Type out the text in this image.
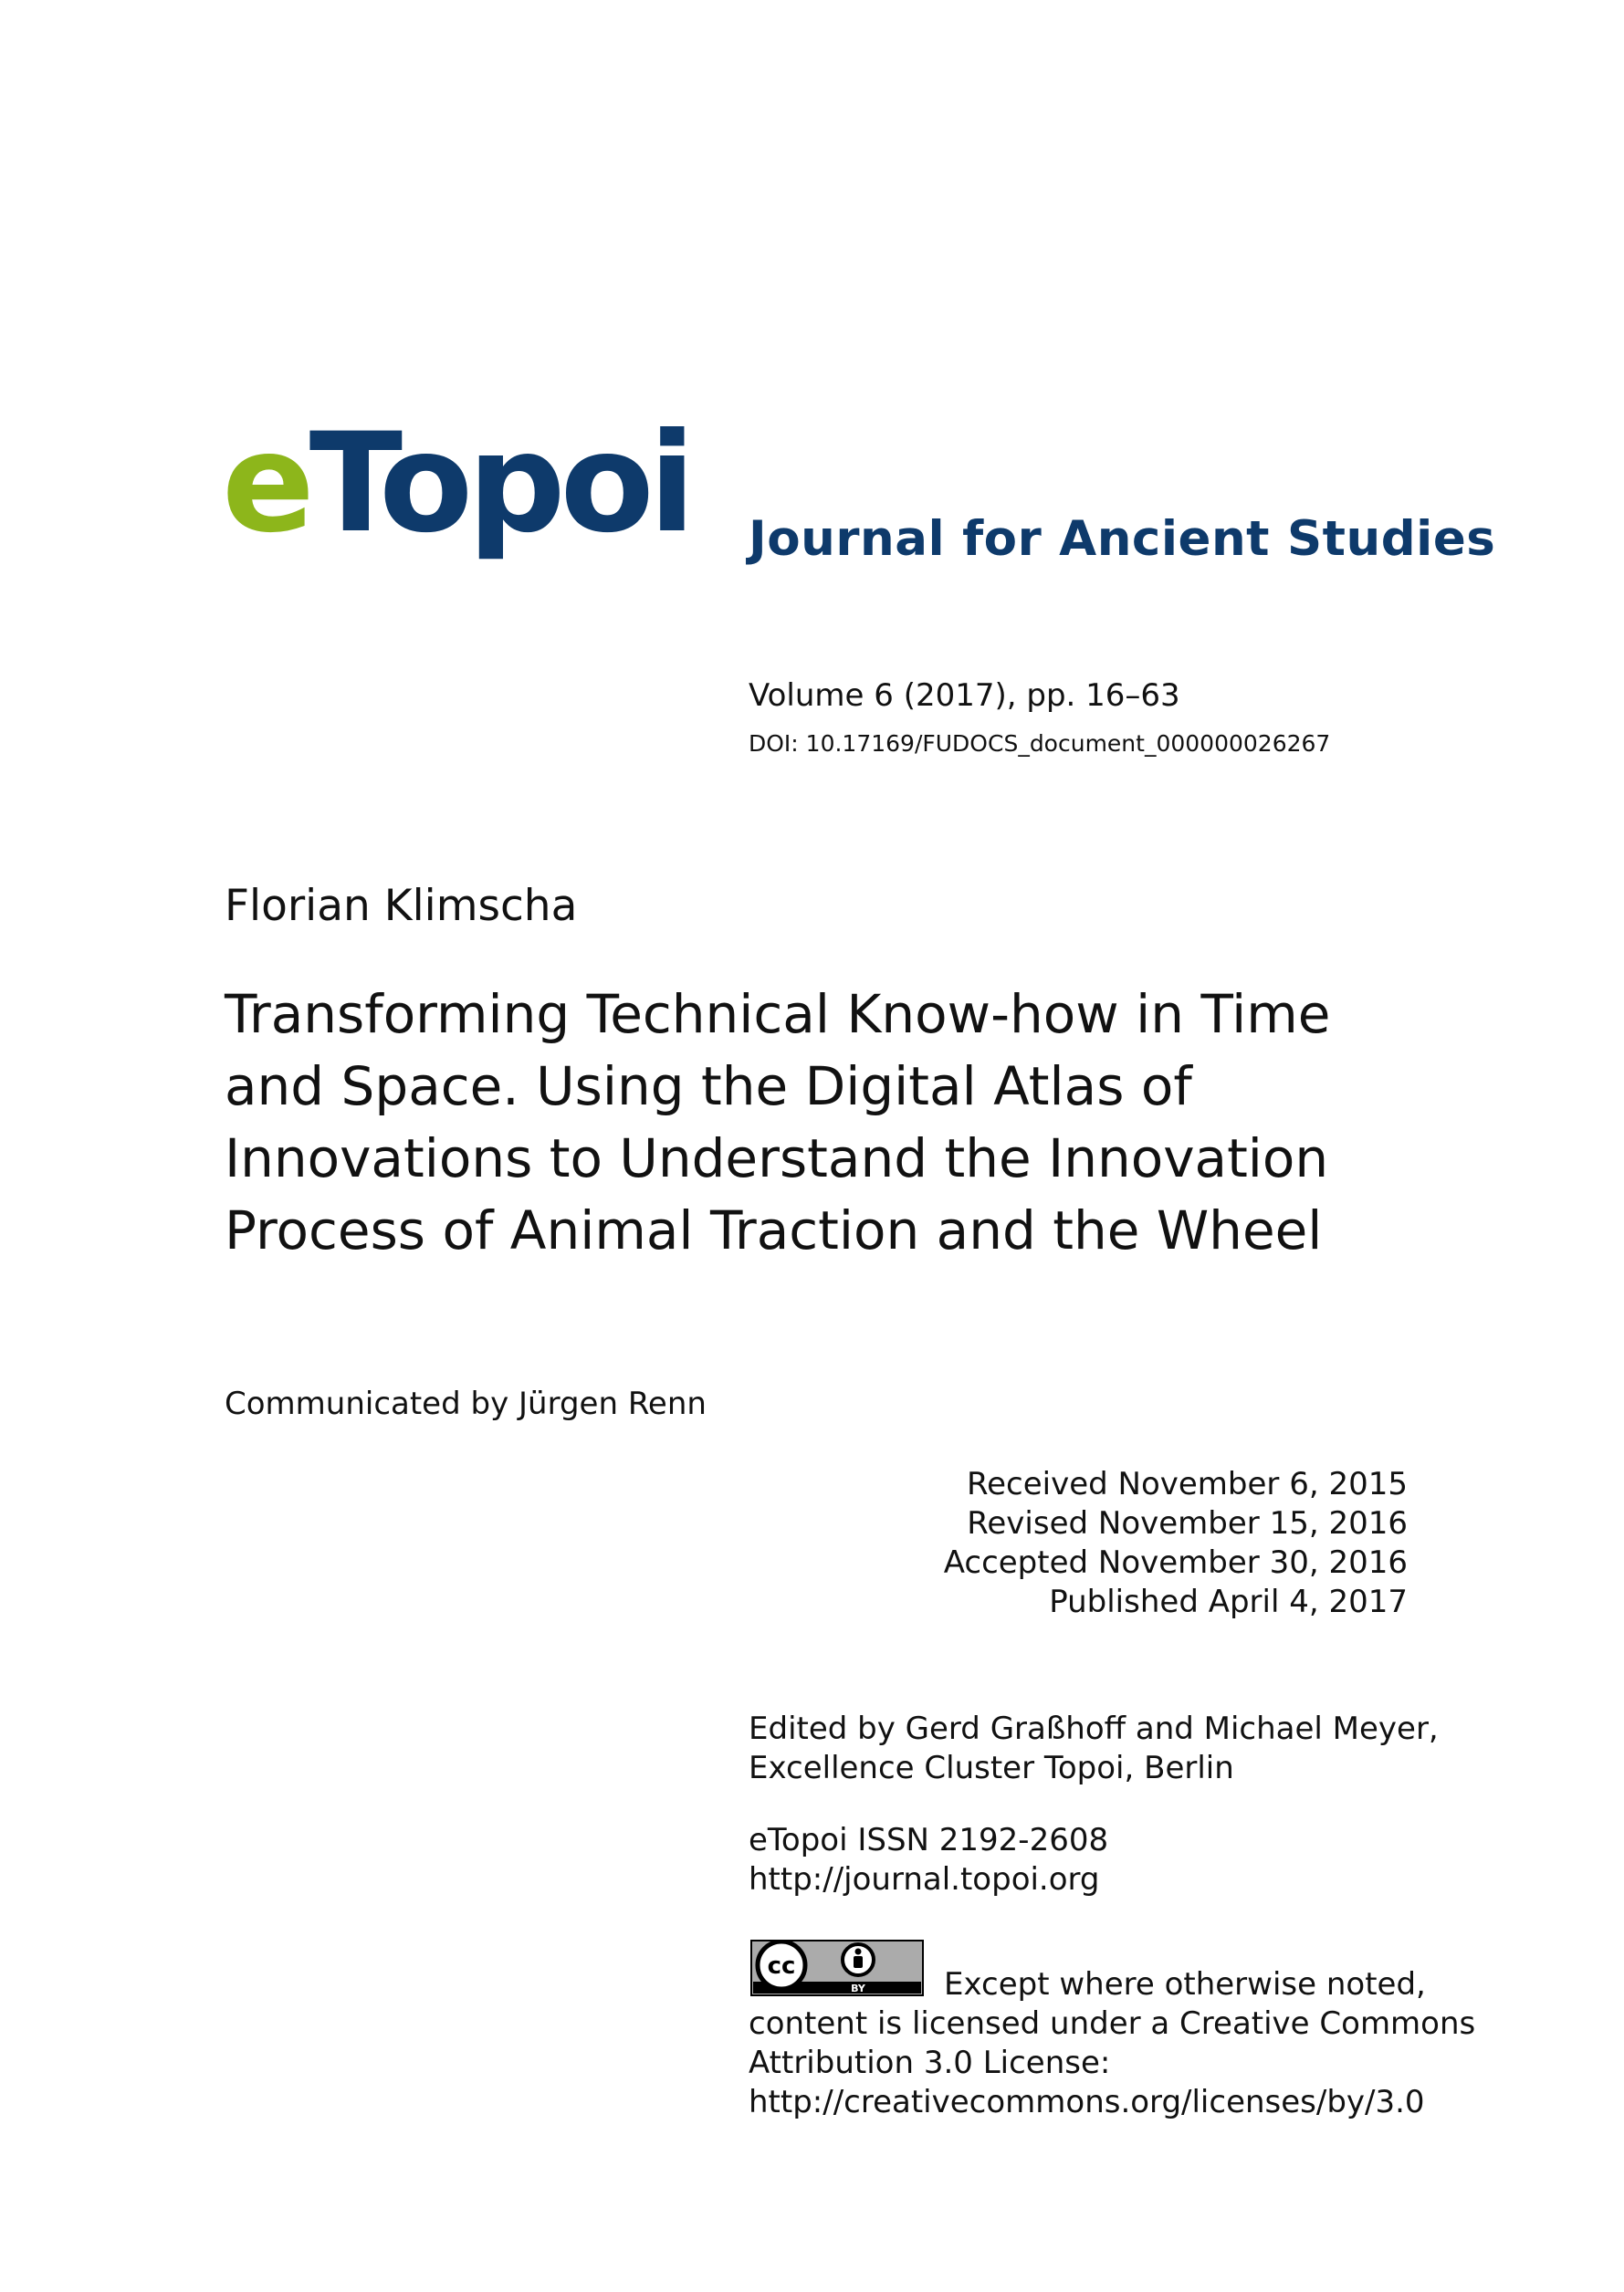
eTopoi Journal for Ancient Studies
Volume 6 (2017), pp. 16–63
DOI: 10.17169/FUDOCS_document_000000026267
Florian Klimscha
Transforming Technical Know-how in Time
and Space. Using the Digital Atlas of
Innovations to Understand the Innovation
Process of Animal Traction and the Wheel
Communicated by Jürgen Renn
Received November 6, 2015
Revised November 15, 2016
Accepted November 30, 2016
Published April 4, 2017
Edited by Gerd Graßhoff and Michael Meyer,
Excellence Cluster Topoi, Berlin
eTopoi ISSN 2192-2608
http://journal.topoi.org
cc
BY	Except where otherwise noted,
content is licensed under a Creative Commons
Attribution 3.0 License:
http://creativecommons.org/licenses/by/3.0
